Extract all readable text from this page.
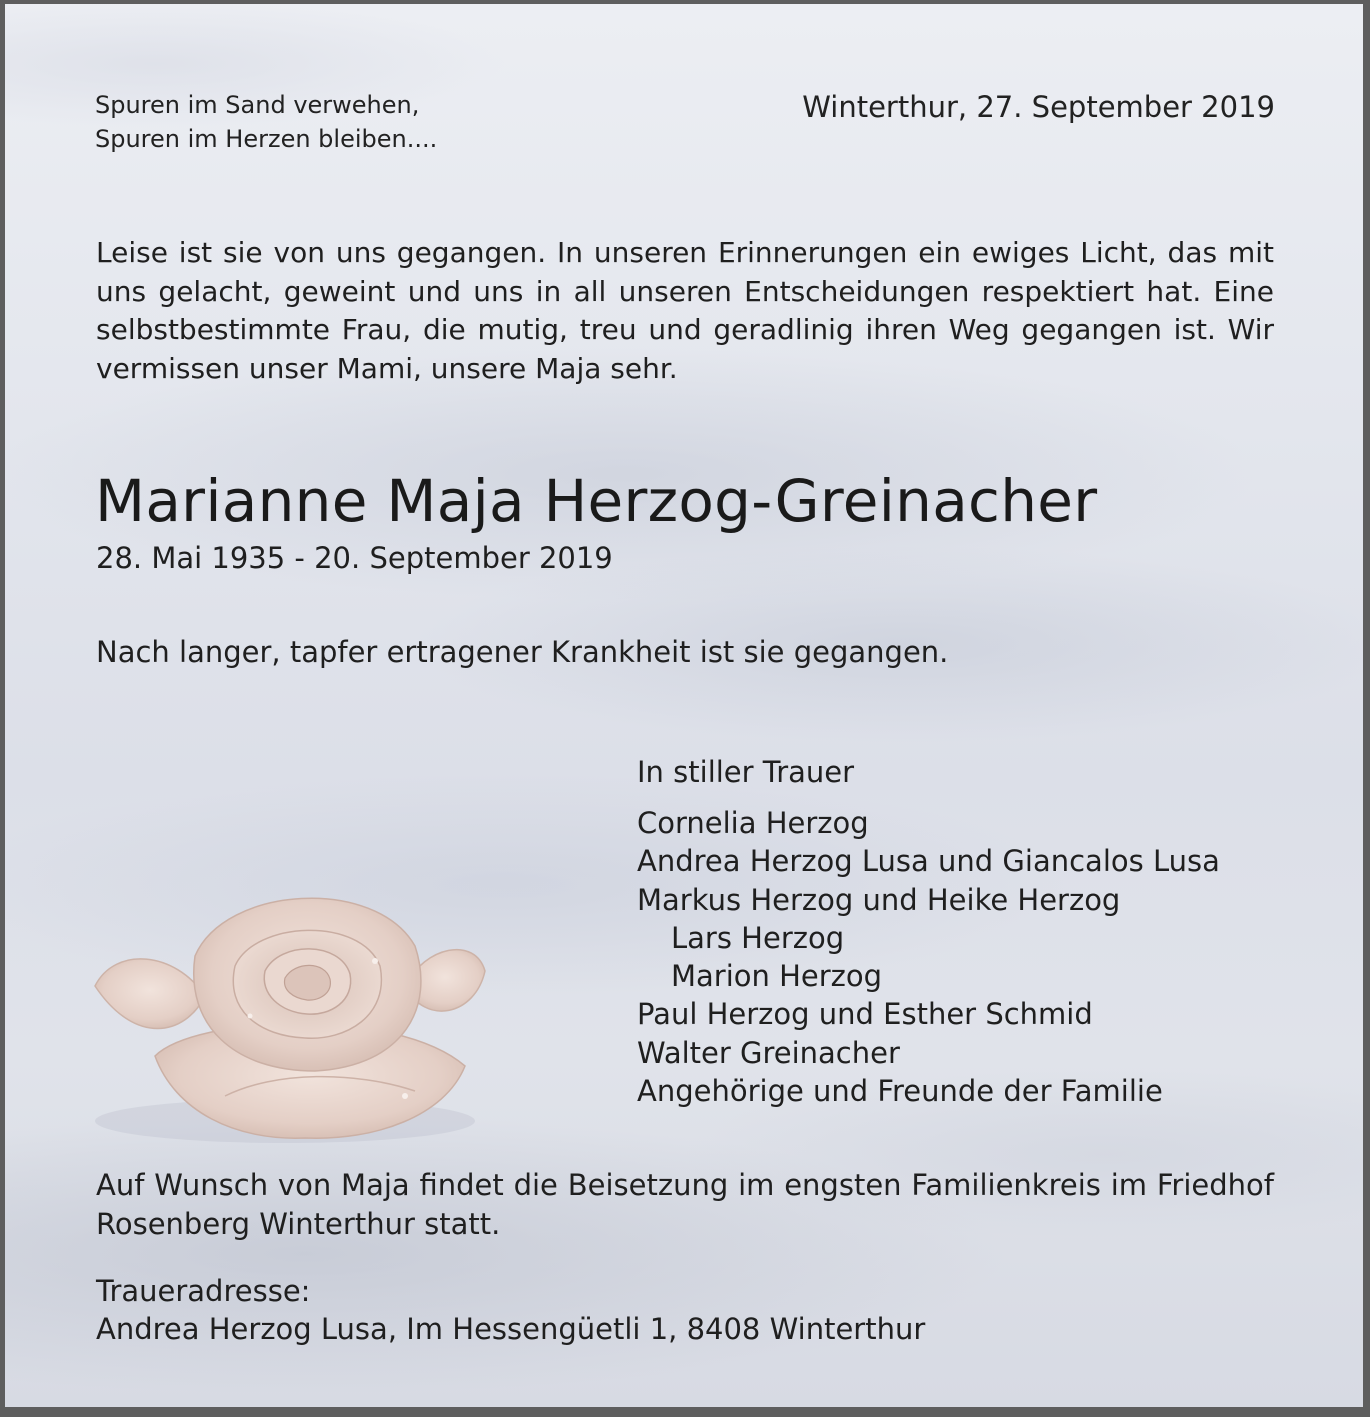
Spuren im Sand verwehen,
Spuren im Herzen bleiben....
Winterthur, 27. September 2019

Leise ist sie von uns gegangen. In unseren Erinnerungen ein ewiges Licht, das mit uns gelacht, geweint und uns in all unseren Entscheidungen respektiert hat. Eine selbstbestimmte Frau, die mutig, treu und geradlinig ihren Weg gegangen ist. Wir vermissen unser Mami, unsere Maja sehr.

Marianne Maja Herzog-Greinacher
28. Mai 1935 - 20. September 2019
Nach langer, tapfer ertragener Krankheit ist sie gegangen.
In stiller Trauer
Cornelia Herzog
Andrea Herzog Lusa und Giancalos Lusa
Markus Herzog und Heike Herzog
Lars Herzog
Marion Herzog
Paul Herzog und Esther Schmid
Walter Greinacher
Angehörige und Freunde der Familie

Auf Wunsch von Maja findet die Beisetzung im engsten Familienkreis im Friedhof Rosenberg Winterthur statt.

Traueradresse:
Andrea Herzog Lusa, Im Hessengüetli 1, 8408 Winterthur
